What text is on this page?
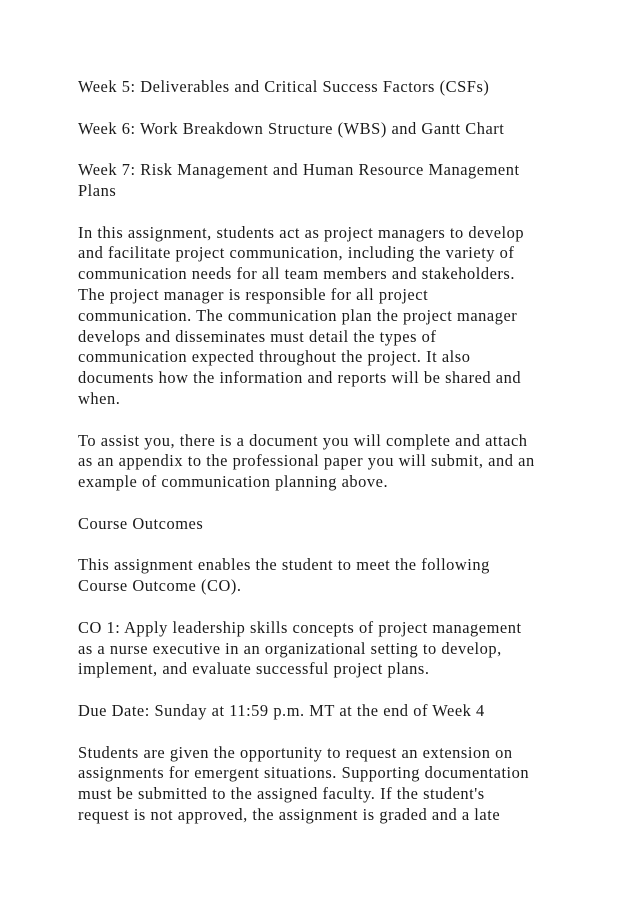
Week 5: Deliverables and Critical Success Factors (CSFs)

Week 6: Work Breakdown Structure (WBS) and Gantt Chart

Week 7: Risk Management and Human Resource Management
Plans

In this assignment, students act as project managers to develop
and facilitate project communication, including the variety of
communication needs for all team members and stakeholders.
The project manager is responsible for all project
communication. The communication plan the project manager
develops and disseminates must detail the types of
communication expected throughout the project. It also
documents how the information and reports will be shared and
when.

To assist you, there is a document you will complete and attach
as an appendix to the professional paper you will submit, and an
example of communication planning above.

Course Outcomes

This assignment enables the student to meet the following
Course Outcome (CO).

CO 1: Apply leadership skills concepts of project management
as a nurse executive in an organizational setting to develop,
implement, and evaluate successful project plans.

Due Date: Sunday at 11:59 p.m. MT at the end of Week 4

Students are given the opportunity to request an extension on
assignments for emergent situations. Supporting documentation
must be submitted to the assigned faculty. If the student's
request is not approved, the assignment is graded and a late
